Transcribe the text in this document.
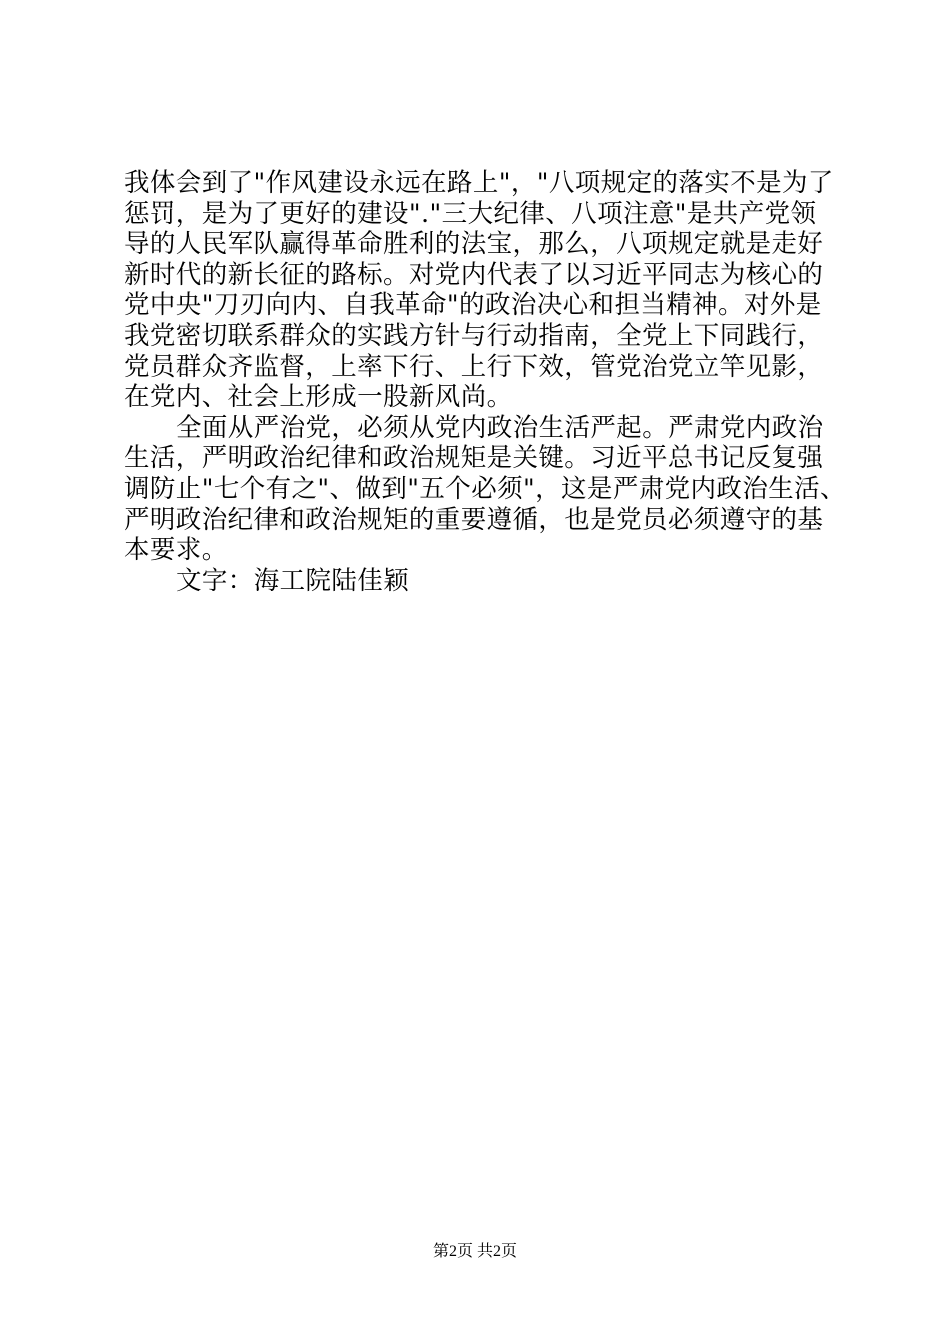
我体会到了"作风建设永远在路上"，"八项规定的落实不是为了
惩罚，是为了更好的建设"."三大纪律、八项注意"是共产党领
导的人民军队赢得革命胜利的法宝，那么，八项规定就是走好
新时代的新长征的路标。对党内代表了以习近平同志为核心的
党中央"刀刃向内、自我革命"的政治决心和担当精神。对外是
我党密切联系群众的实践方针与行动指南，全党上下同践行，
党员群众齐监督，上率下行、上行下效，管党治党立竿见影，
在党内、社会上形成一股新风尚。
全面从严治党，必须从党内政治生活严起。严肃党内政治
生活，严明政治纪律和政治规矩是关键。习近平总书记反复强
调防止"七个有之"、做到"五个必须"，这是严肃党内政治生活、
严明政治纪律和政治规矩的重要遵循，也是党员必须遵守的基
本要求。
文字：海工院陆佳颖
第2页 共2页
